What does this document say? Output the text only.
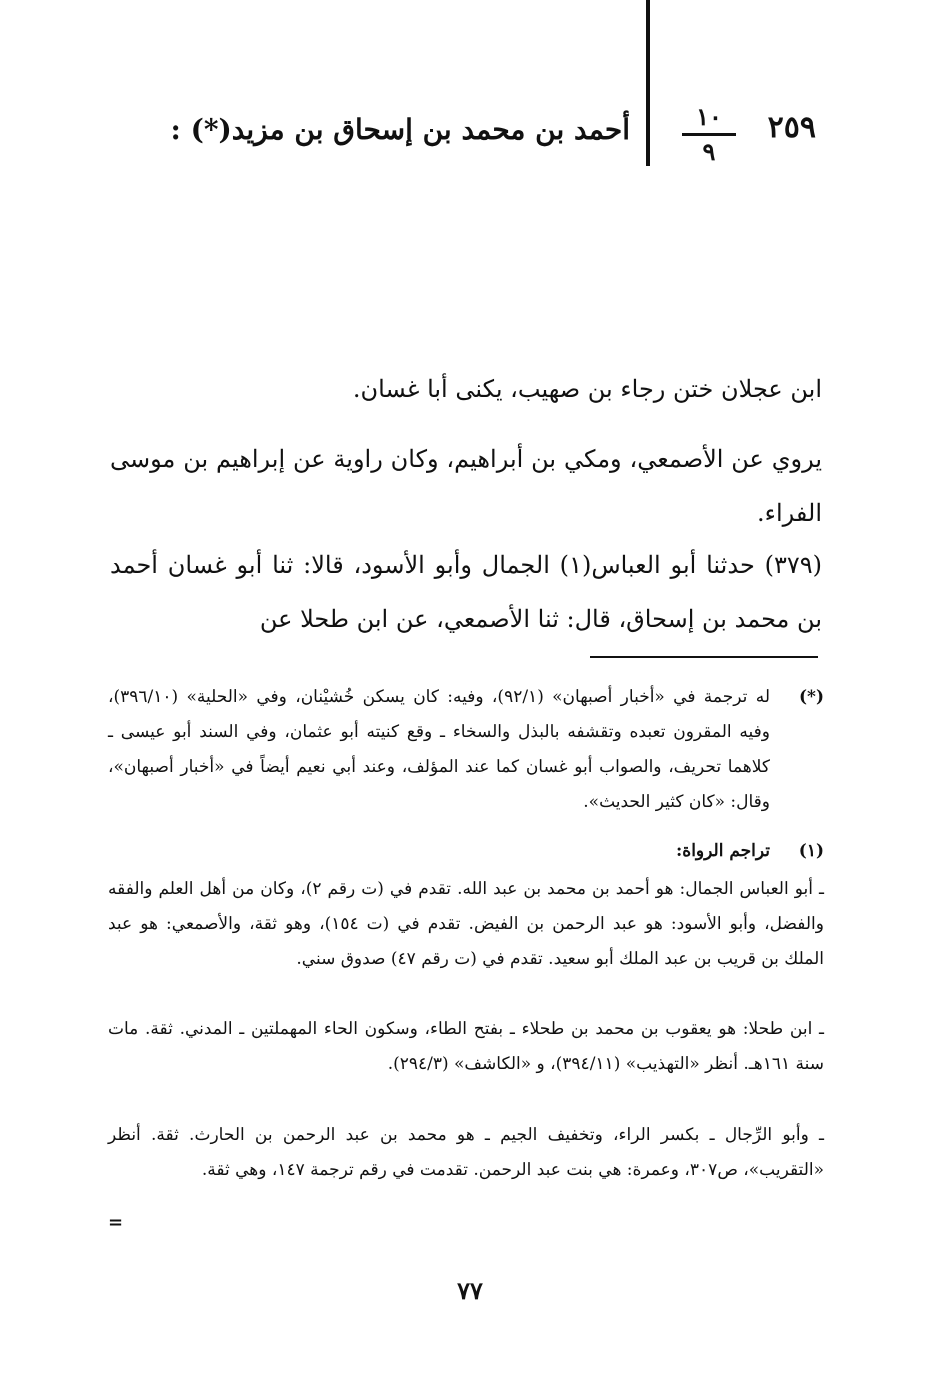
٢٥٩
١٠
٩
أحمد بن محمد بن إسحاق بن مزيد(*) :
ابن عجلان ختن رجاء بن صهيب، يكنى أبا غسان.
يروي عن الأصمعي، ومكي بن أبراهيم، وكان راوية عن إبراهيم بن موسى الفراء.
(٣٧٩) حدثنا أبو العباس(١) الجمال وأبو الأسود، قالا: ثنا أبو غسان أحمد بن محمد بن إسحاق، قال: ثنا الأصمعي، عن ابن طحلا عن
(*)
له ترجمة في «أخبار أصبهان» (٩٢/١)، وفيه: كان يسكن خُشيْنان، وفي «الحلية» (٣٩٦/١٠)، وفيه المقرون تعبده وتقشفه بالبذل والسخاء ـ وقع كنيته أبو عثمان، وفي السند أبو عيسى ـ كلاهما تحريف، والصواب أبو غسان كما عند المؤلف، وعند أبي نعيم أيضاً في «أخبار أصبهان»، وقال: «كان كثير الحديث».
(١)
تراجم الرواة:
ـ أبو العباس الجمال: هو أحمد بن محمد بن عبد الله. تقدم في (ت رقم ٢)، وكان من أهل العلم والفقه والفضل، وأبو الأسود: هو عبد الرحمن بن الفيض. تقدم في (ت ١٥٤)، وهو ثقة، والأصمعي: هو عبد الملك بن قريب بن عبد الملك أبو سعيد. تقدم في (ت رقم ٤٧) صدوق سني.
ـ ابن طحلا: هو يعقوب بن محمد بن طحلاء ـ بفتح الطاء، وسكون الحاء المهملتين ـ المدني. ثقة. مات سنة ١٦١هـ. أنظر «التهذيب» (٣٩٤/١١)، و «الكاشف» (٢٩٤/٣).
ـ وأبو الرِّجال ـ بكسر الراء، وتخفيف الجيم ـ هو محمد بن عبد الرحمن بن الحارث. ثقة. أنظر «التقريب»، ص٣٠٧، وعمرة: هي بنت عبد الرحمن. تقدمت في رقم ترجمة ١٤٧، وهي ثقة.
=
٧٧
